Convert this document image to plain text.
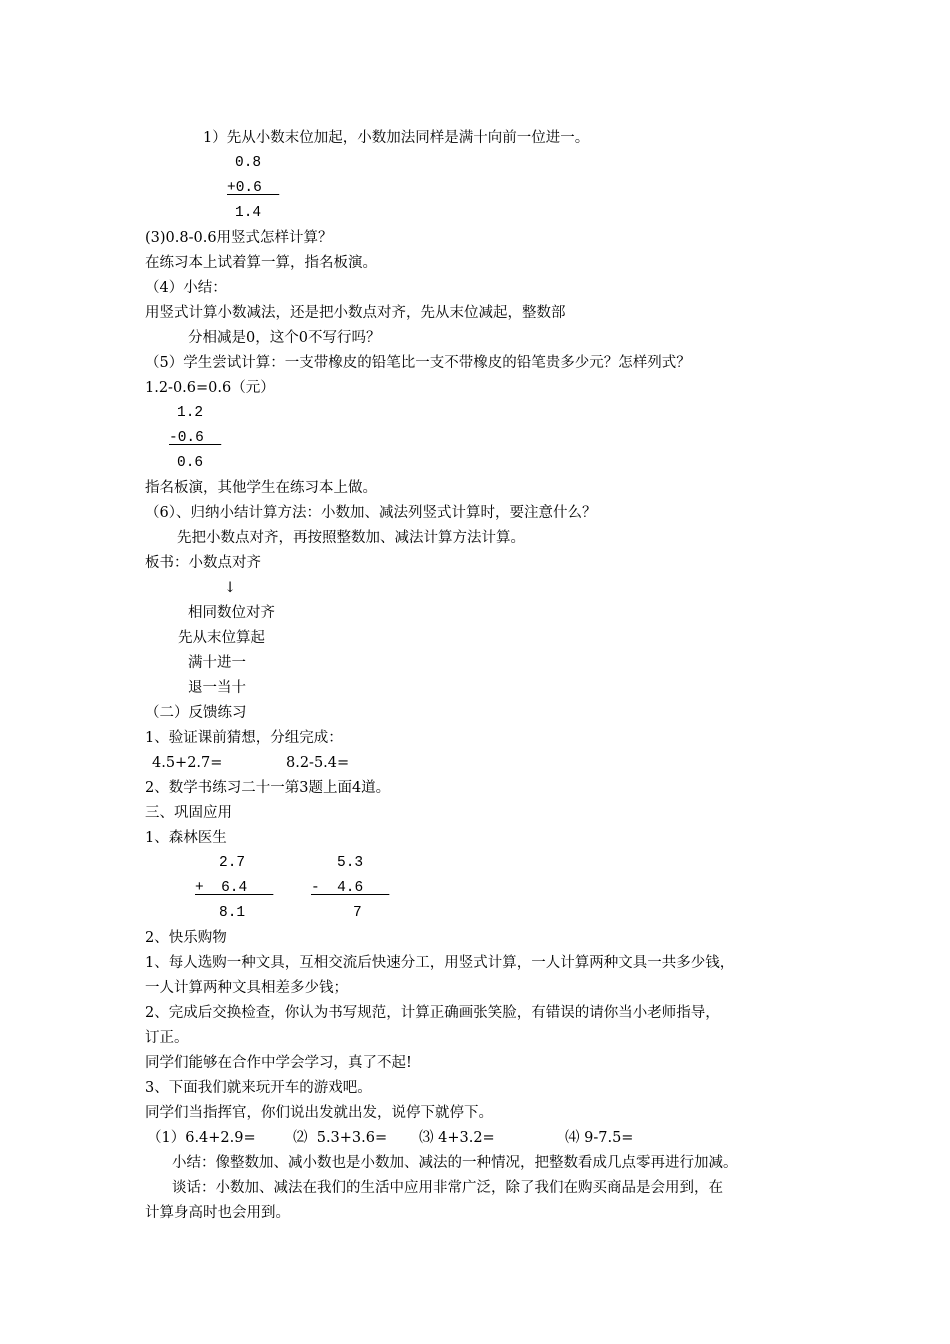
1）先从小数末位加起，小数加法同样是满十向前一位进一。
0.8
+0.6
1.4
(3)0.8-0.6用竖式怎样计算？
在练习本上试着算一算，指名板演。
（4）小结：
用竖式计算小数减法，还是把小数点对齐，先从末位减起，整数部
分相减是0，这个0不写行吗？
（5）学生尝试计算：一支带橡皮的铅笔比一支不带橡皮的铅笔贵多少元？怎样列式？
1.2-0.6=0.6（元）
1.2
-0.6
0.6
指名板演，其他学生在练习本上做。
（6）、归纳小结计算方法：小数加、减法列竖式计算时，要注意什么？
先把小数点对齐，再按照整数加、减法计算方法计算。
板书：小数点对齐
↓
相同数位对齐
先从末位算起
满十进一
退一当十
（二）反馈练习
1、验证课前猜想，分组完成：
4.5+2.7=	8.2-5.4=
2、数学书练习二十一第3题上面4道。
三、巩固应用
1、森林医生
2.7	5.3
+  6.4	-  4.6
8.1	7
2、快乐购物
1、每人选购一种文具，互相交流后快速分工，用竖式计算，一人计算两种文具一共多少钱，
一人计算两种文具相差多少钱；
2、完成后交换检查，你认为书写规范，计算正确画张笑脸，有错误的请你当小老师指导，
订正。
同学们能够在合作中学会学习，真了不起!
3、下面我们就来玩开车的游戏吧。
同学们当指挥官，你们说出发就出发，说停下就停下。
（1）6.4+2.9=	⑵  5.3+3.6= ⑶ 4+3.2=	⑷ 9-7.5=
小结：像整数加、减小数也是小数加、减法的一种情况，把整数看成几点零再进行加减。
谈话：小数加、减法在我们的生活中应用非常广泛，除了我们在购买商品是会用到，在
计算身高时也会用到。
